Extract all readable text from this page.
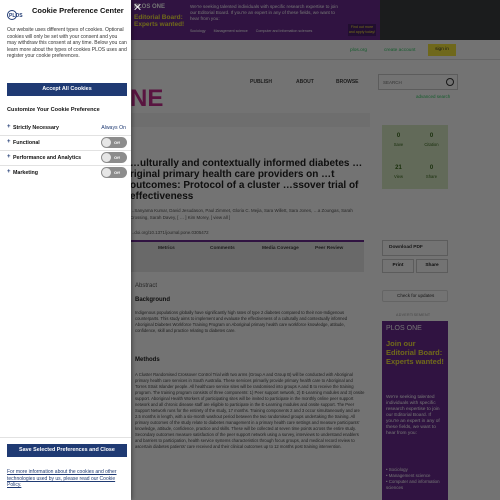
SEARCH
PLOS
Cookie Preference Center
Our website uses different types of cookies. Optional cookies will only be set with your consent and you may withdraw this consent at any time. Below you can learn more about the types of cookies PLOS uses and register your cookie preferences.
Accept All Cookies
Customize Your Cookie Preference
+ Strictly Necessary	Always On
+ Functional	Off
+ Performance and Analytics	Off
+ Marketing	Off
Save Selected Preferences and Close
For more information about the cookies and other technologies used by us, please read our Cookie Policy.
